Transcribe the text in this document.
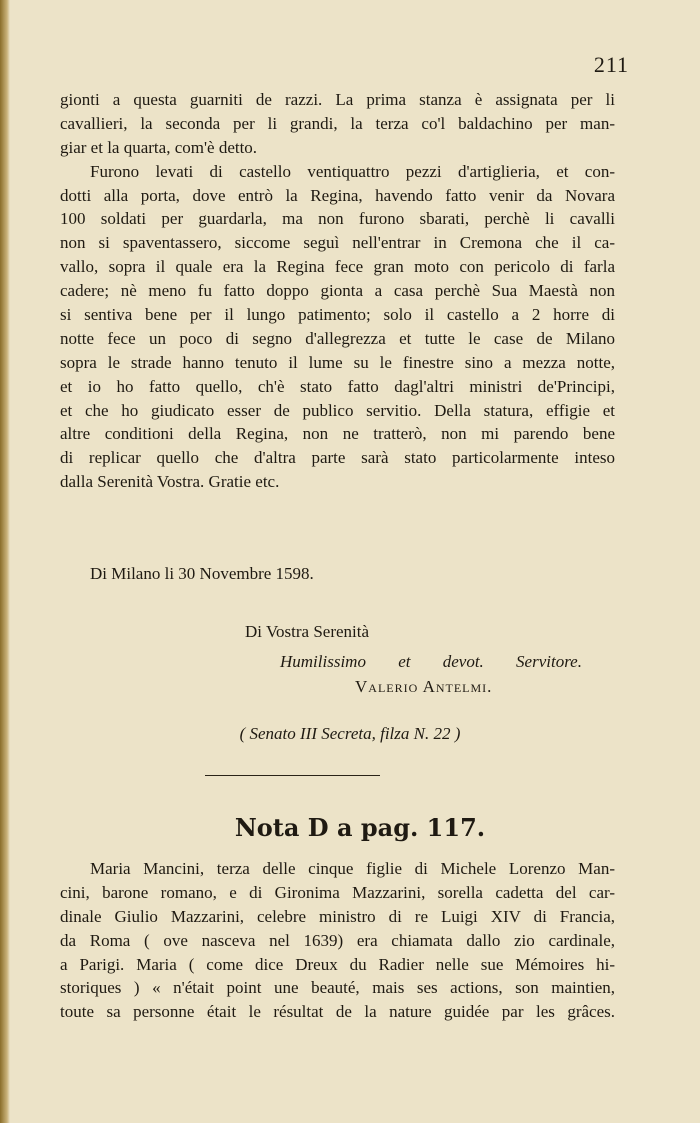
211
gionti a questa guarniti de razzi. La prima stanza è assignata per li
cavallieri, la seconda per li grandi, la terza co'l baldachino per man-
giar et la quarta, com'è detto.
Furono levati di castello ventiquattro pezzi d'artiglieria, et con-
dotti alla porta, dove entrò la Regina, havendo fatto venir da Novara
100 soldati per guardarla, ma non furono sbarati, perchè li cavalli
non si spaventassero, siccome seguì nell'entrar in Cremona che il ca-
vallo, sopra il quale era la Regina fece gran moto con pericolo di farla
cadere; nè meno fu fatto doppo gionta a casa perchè Sua Maestà non
si sentiva bene per il lungo patimento; solo il castello a 2 horre di
notte fece un poco di segno d'allegrezza et tutte le case de Milano
sopra le strade hanno tenuto il lume su le finestre sino a mezza notte,
et io ho fatto quello, ch'è stato fatto dagl'altri ministri de'Principi,
et che ho giudicato esser de publico servitio. Della statura, effigie et
altre conditioni della Regina, non ne tratterò, non mi parendo bene
di replicar quello che d'altra parte sarà stato particolarmente inteso
dalla Serenità Vostra. Gratie etc.
Di Milano li 30 Novembre 1598.
Di Vostra Serenità
Humilissimo et devot. Servitore.
Valerio Antelmi.
( Senato III Secreta, filza N. 22 )
Nota D a pag. 117.
Maria Mancini, terza delle cinque figlie di Michele Lorenzo Man-
cini, barone romano, e di Gironima Mazzarini, sorella cadetta del car-
dinale Giulio Mazzarini, celebre ministro di re Luigi XIV di Francia,
da Roma ( ove nasceva nel 1639) era chiamata dallo zio cardinale,
a Parigi. Maria ( come dice Dreux du Radier nelle sue Mémoires hi-
storiques ) « n'était point une beauté, mais ses actions, son maintien,
toute sa personne était le résultat de la nature guidée par les grâces.
